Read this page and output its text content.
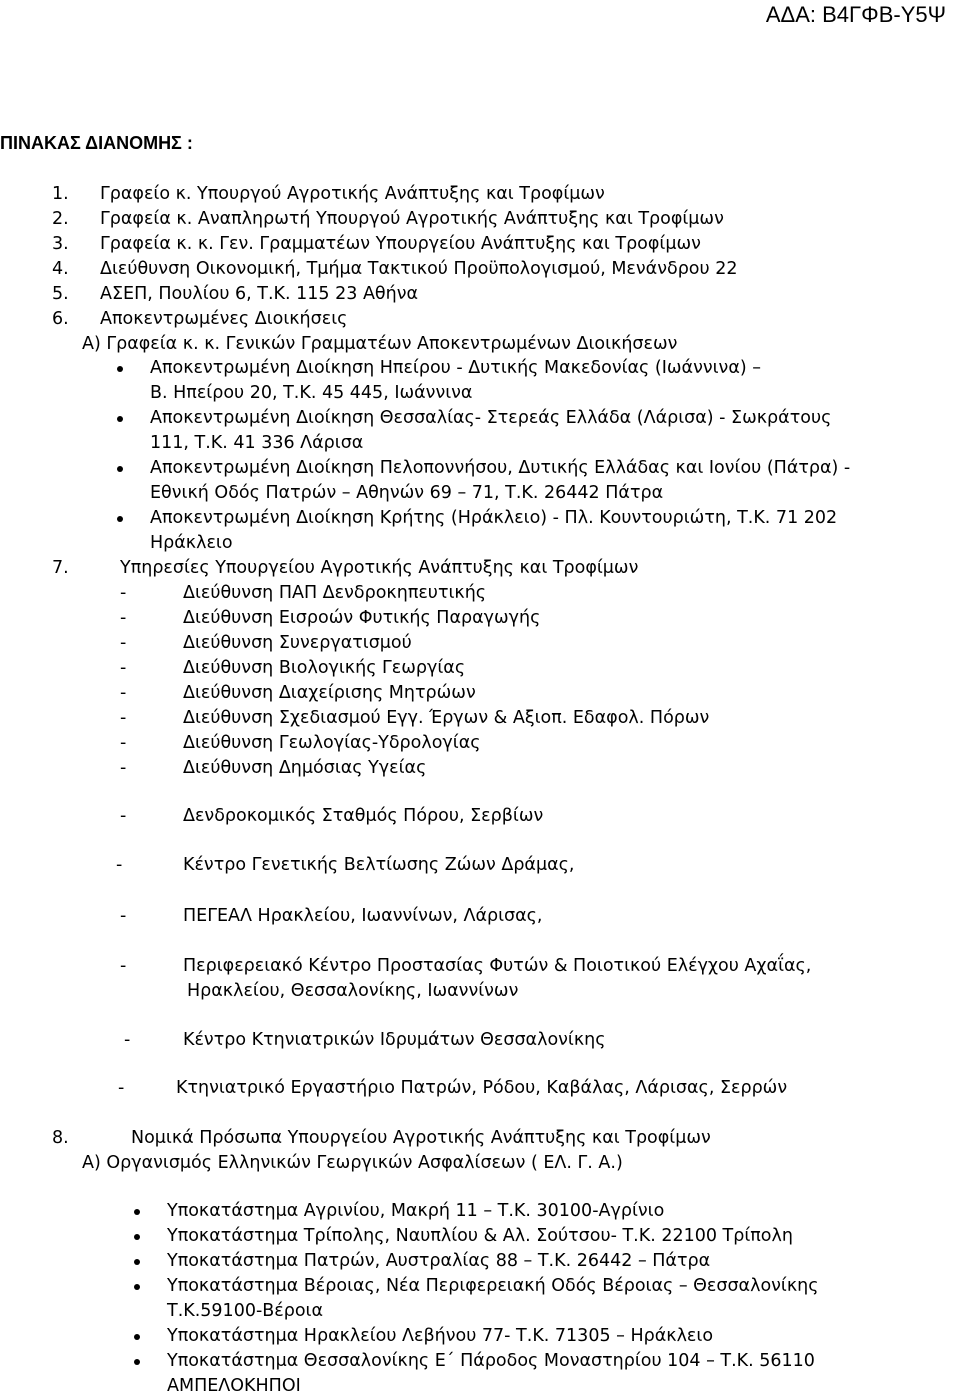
ΑΔΑ: Β4ΓΦΒ-Υ5Ψ
ΠΙΝΑΚΑΣ ΔΙΑΝΟΜΗΣ :
1. Γραφείο κ. Υπουργού Αγροτικής Ανάπτυξης και Τροφίμων
2. Γραφεία κ. Αναπληρωτή Υπουργού Αγροτικής Ανάπτυξης και Τροφίμων
3. Γραφεία κ. κ. Γεν. Γραμματέων Υπουργείου Ανάπτυξης και Τροφίμων
4. Διεύθυνση Οικονομική, Τμήμα Τακτικού Προϋπολογισμού, Μενάνδρου 22
5. ΑΣΕΠ, Πουλίου 6, Τ.Κ. 115 23 Αθήνα
6. Αποκεντρωμένες Διοικήσεις
Α) Γραφεία κ. κ. Γενικών Γραμματέων Αποκεντρωμένων Διοικήσεων
Αποκεντρωμένη Διοίκηση Ηπείρου - Δυτικής Μακεδονίας (Ιωάννινα) –
Β. Ηπείρου 20, Τ.Κ. 45 445, Ιωάννινα
Αποκεντρωμένη Διοίκηση Θεσσαλίας- Στερεάς Ελλάδα (Λάρισα) - Σωκράτους
111, Τ.Κ. 41 336 Λάρισα
Αποκεντρωμένη Διοίκηση Πελοποννήσου, Δυτικής Ελλάδας και Ιονίου (Πάτρα) -
Εθνική Οδός Πατρών – Αθηνών 69 – 71, Τ.Κ. 26442 Πάτρα
Αποκεντρωμένη Διοίκηση Κρήτης (Ηράκλειο) - Πλ. Κουντουριώτη, Τ.Κ. 71 202
Ηράκλειο
7.	Υπηρεσίες Υπουργείου Αγροτικής Ανάπτυξης και Τροφίμων
-	Διεύθυνση ΠΑΠ Δενδροκηπευτικής
-	Διεύθυνση Εισροών Φυτικής Παραγωγής
-	Διεύθυνση Συνεργατισμού
-	Διεύθυνση Βιολογικής Γεωργίας
-	Διεύθυνση Διαχείρισης Μητρώων
-	Διεύθυνση Σχεδιασμού Εγγ. Έργων & Αξιοπ. Εδαφολ. Πόρων
-	Διεύθυνση Γεωλογίας-Υδρολογίας
-	Διεύθυνση Δημόσιας Υγείας
-	Δενδροκομικός Σταθμός Πόρου, Σερβίων
-	Κέντρο Γενετικής Βελτίωσης Ζώων Δράμας,
-	ΠΕΓΕΑΛ Ηρακλείου, Ιωαννίνων, Λάρισας,
-	Περιφερειακό Κέντρο Προστασίας Φυτών & Ποιοτικού Ελέγχου Αχαΐας,
Ηρακλείου, Θεσσαλονίκης, Ιωαννίνων
-	Κέντρο Κτηνιατρικών Ιδρυμάτων Θεσσαλονίκης
-	Κτηνιατρικό Εργαστήριο Πατρών, Ρόδου, Καβάλας, Λάρισας, Σερρών
8.	Νομικά Πρόσωπα Υπουργείου Αγροτικής Ανάπτυξης και Τροφίμων
Α) Οργανισμός Ελληνικών Γεωργικών Ασφαλίσεων ( ΕΛ. Γ. Α.)
Υποκατάστημα Αγρινίου, Μακρή 11 – Τ.Κ. 30100-Αγρίνιο
Υποκατάστημα Τρίπολης, Ναυπλίου & Αλ. Σούτσου- Τ.Κ. 22100 Τρίπολη
Υποκατάστημα Πατρών, Αυστραλίας 88 – Τ.Κ. 26442 – Πάτρα
Υποκατάστημα Βέροιας, Νέα Περιφερειακή Οδός Βέροιας – Θεσσαλονίκης
Τ.Κ.59100-Βέροια
Υποκατάστημα Ηρακλείου Λεβήνου 77- Τ.Κ. 71305 – Ηράκλειο
Υποκατάστημα Θεσσαλονίκης Ε΄ Πάροδος Μοναστηρίου 104 – Τ.Κ. 56110
ΑΜΠΕΛΟΚΗΠΟΙ
